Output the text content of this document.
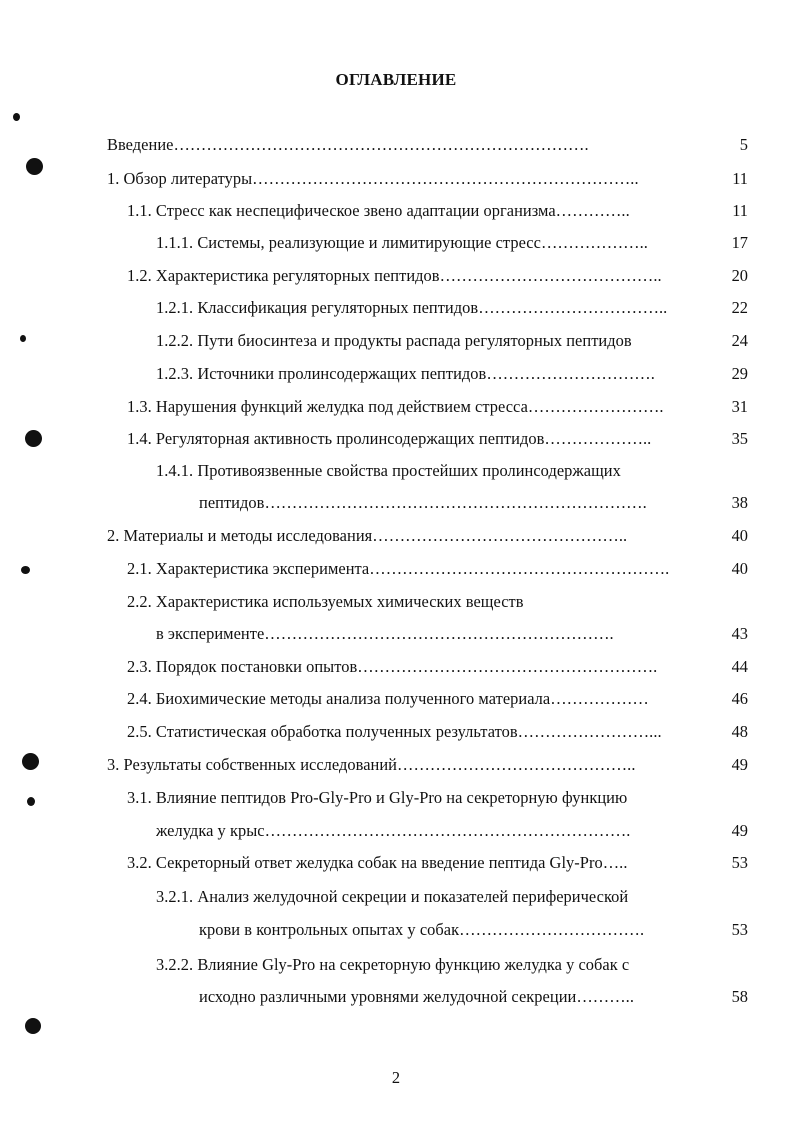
ОГЛАВЛЕНИЕ
Введение………………………………………………………………….	5
1. Обзор литературы……………………………………………………………..	11
1.1. Стресс как неспецифическое звено адаптации организма…………..	11
1.1.1. Системы, реализующие и лимитирующие стресс………………..	17
1.2. Характеристика регуляторных пептидов…………………………………..	20
1.2.1. Классификация регуляторных пептидов……………………………..	22
1.2.2. Пути биосинтеза и продукты распада регуляторных пептидов	24
1.2.3. Источники пролинсодержащих пептидов………………………….	29
1.3. Нарушения функций желудка под действием стресса…………………….	31
1.4. Регуляторная активность пролинсодержащих пептидов………………..	35
1.4.1. Противоязвенные свойства простейших пролинсодержащих
пептидов…………………………………………………………….	38
2. Материалы и методы исследования………………………………………..	40
2.1. Характеристика эксперимента……………………………………………….	40
2.2. Характеристика используемых химических веществ
в эксперименте……………………………………………………….	43
2.3. Порядок постановки опытов……………………………………………….	44
2.4. Биохимические методы анализа полученного материала………………	46
2.5. Статистическая обработка полученных результатов……………………...	48
3. Результаты собственных исследований……………………………………..	49
3.1. Влияние пептидов Pro-Gly-Pro и Gly-Pro на секреторную функцию
желудка у крыс………………………………………………………….	49
3.2. Секреторный ответ желудка собак на введение пептида Gly-Pro…..	53
3.2.1. Анализ желудочной секреции и показателей периферической
крови в контрольных опытах у собак…………………………….	53
3.2.2. Влияние Gly-Pro на секреторную функцию желудка у собак с
исходно различными уровнями желудочной секреции………..	58
2
